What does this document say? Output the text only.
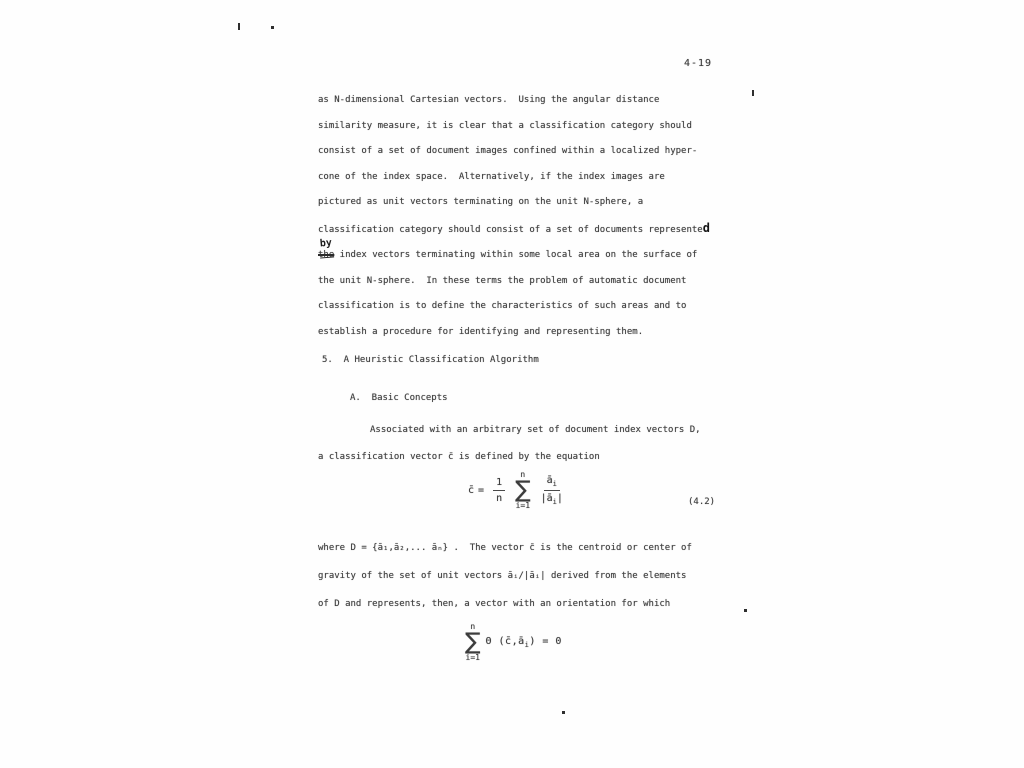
4-19
as N-dimensional Cartesian vectors.  Using the angular distance
similarity measure, it is clear that a classification category should
consist of a set of document images confined within a localized hyper-
cone of the index space.  Alternatively, if the index images are
pictured as unit vectors terminating on the unit N-sphere, a
classification category should consist of a set of documents represented
the
by
index vectors terminating within some local area on the surface of
the unit N-sphere.  In these terms the problem of automatic document
classification is to define the characteristics of such areas and to
establish a procedure for identifying and representing them.
5.  A Heuristic Classification Algorithm
A.  Basic Concepts
Associated with an arbitrary set of document index vectors D,
a classification vector c̄ is defined by the equation
c̄ = $\frac{1}{n}$
n
∑
$i=1 \frac{ā_i}{|ā_i|}$	(4.2)
where D = {ā₁,ā₂,... āₙ} .  The vector c̄ is the centroid or center of
gravity of the set of unit vectors āᵢ/|āᵢ| derived from the elements
of D and represents, then, a vector with an orientation for which
n
∑
i=1
Θ $(c̄,ā_i) = 0$
